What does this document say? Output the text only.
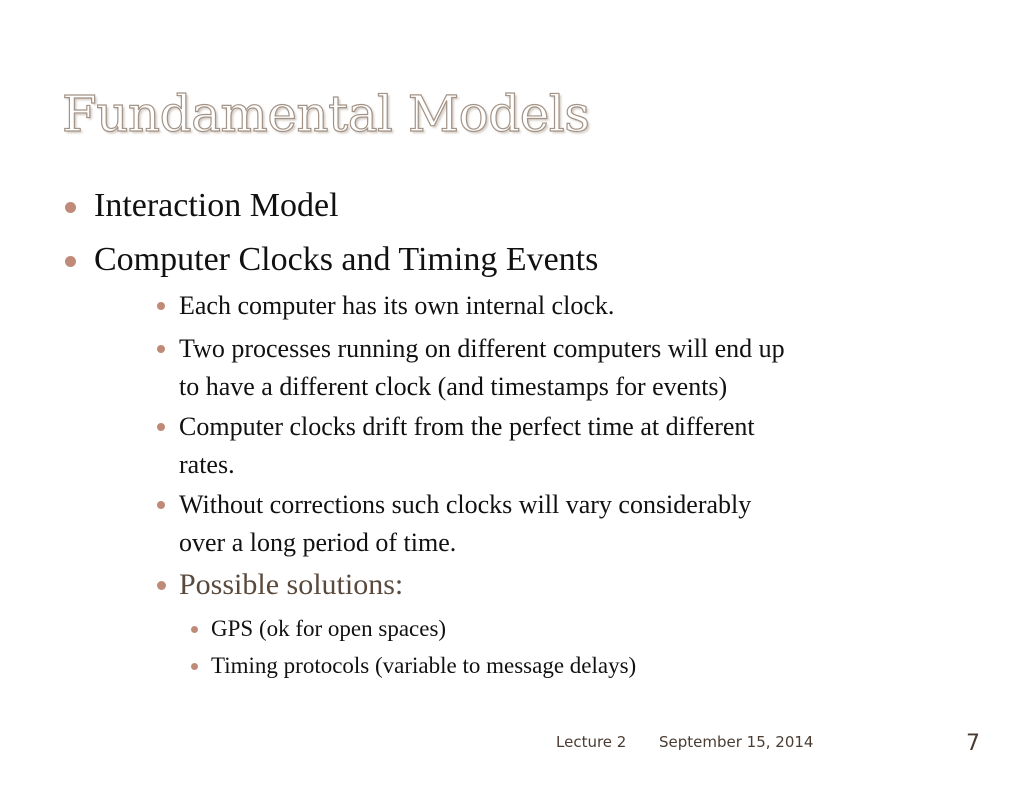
Fundamental Models
Interaction Model
Computer Clocks and Timing Events
Each computer has its own internal clock.
Two processes running on different computers will end up
to have a different clock (and timestamps for events)
Computer clocks drift from the perfect time at different
rates.
Without corrections such clocks will vary considerably
over a long period of time.
Possible solutions:
GPS (ok for open spaces)
Timing protocols (variable to message delays)
Lecture 2 September 15, 2014	7
